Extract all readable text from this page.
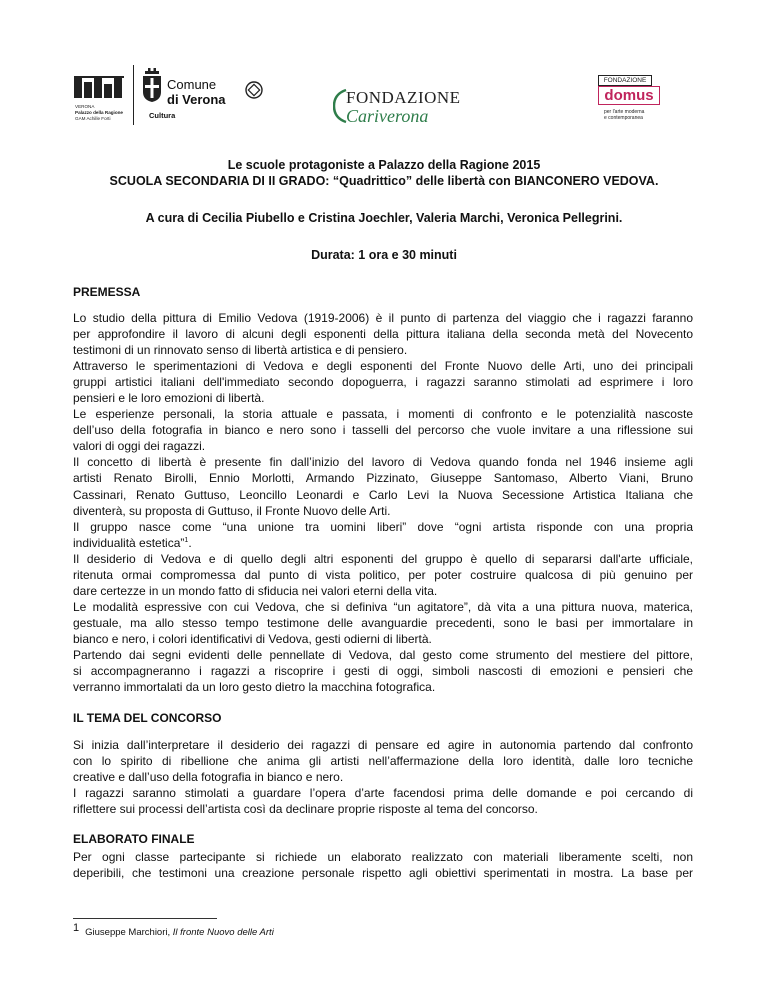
VERONA
Palazzo della Ragione
GAM Achille Forti
Comune
di Verona
Cultura
FONDAZIONE
Cariverona
FONDAZIONE
domus
per l'arte moderna
e contemporanea
Le scuole protagoniste a Palazzo della Ragione 2015
SCUOLA SECONDARIA DI II GRADO: “Quadrittico” delle libertà con BIANCONERO VEDOVA.
A cura di Cecilia Piubello e Cristina Joechler, Valeria Marchi, Veronica Pellegrini.
Durata: 1 ora e 30 minuti
PREMESSA
Lo studio della pittura di Emilio Vedova (1919-2006) è il punto di partenza del viaggio che i ragazzi faranno
per approfondire il lavoro di alcuni degli esponenti della pittura italiana della seconda metà del Novecento
testimoni di un rinnovato senso di libertà artistica e di pensiero.
Attraverso le sperimentazioni di Vedova e degli esponenti del Fronte Nuovo delle Arti, uno dei principali
gruppi artistici italiani dell'immediato secondo dopoguerra, i ragazzi saranno stimolati ad esprimere i loro
pensieri e le loro emozioni di libertà.
Le esperienze personali, la storia attuale e passata, i momenti di confronto e le potenzialità nascoste
dell’uso della fotografia in bianco e nero sono i tasselli del percorso che vuole invitare a una riflessione sui
valori di oggi dei ragazzi.
Il concetto di libertà è presente fin dall’inizio del lavoro di Vedova quando fonda nel 1946 insieme agli
artisti Renato Birolli, Ennio Morlotti, Armando Pizzinato, Giuseppe Santomaso, Alberto Viani, Bruno
Cassinari, Renato Guttuso, Leoncillo Leonardi e Carlo Levi la Nuova Secessione Artistica Italiana che
diventerà, su proposta di Guttuso, il Fronte Nuovo delle Arti.
Il gruppo nasce come “una unione tra uomini liberi” dove “ogni artista risponde con una propria
individualità estetica”$^1$.
Il desiderio di Vedova e di quello degli altri esponenti del gruppo è quello di separarsi dall'arte ufficiale,
ritenuta ormai compromessa dal punto di vista politico, per poter costruire qualcosa di più genuino per
dare certezze in un mondo fatto di sfiducia nei valori eterni della vita.
Le modalità espressive con cui Vedova, che si definiva “un agitatore”, dà vita a una pittura nuova, materica,
gestuale, ma allo stesso tempo testimone delle avanguardie precedenti, sono le basi per immortalare in
bianco e nero, i colori identificativi di Vedova, gesti odierni di libertà.
Partendo dai segni evidenti delle pennellate di Vedova, dal gesto come strumento del mestiere del pittore,
si accompagneranno i ragazzi a riscoprire i gesti di oggi, simboli nascosti di emozioni e pensieri che
verranno immortalati da un loro gesto dietro la macchina fotografica.
IL TEMA DEL CONCORSO
Si inizia dall’interpretare il desiderio dei ragazzi di pensare ed agire in autonomia partendo dal confronto
con lo spirito di ribellione che anima gli artisti nell’affermazione della loro identità, dalle loro tecniche
creative e dall’uso della fotografia in bianco e nero.
I ragazzi saranno stimolati a guardare l’opera d’arte facendosi prima delle domande e poi cercando di
riflettere sui processi dell’artista così da declinare proprie risposte al tema del concorso.
ELABORATO FINALE
Per ogni classe partecipante si richiede un elaborato realizzato con materiali liberamente scelti, non
deperibili, che testimoni una creazione personale rispetto agli obiettivi sperimentati in mostra. La base per
1 Giuseppe Marchiori, Il fronte Nuovo delle Arti
